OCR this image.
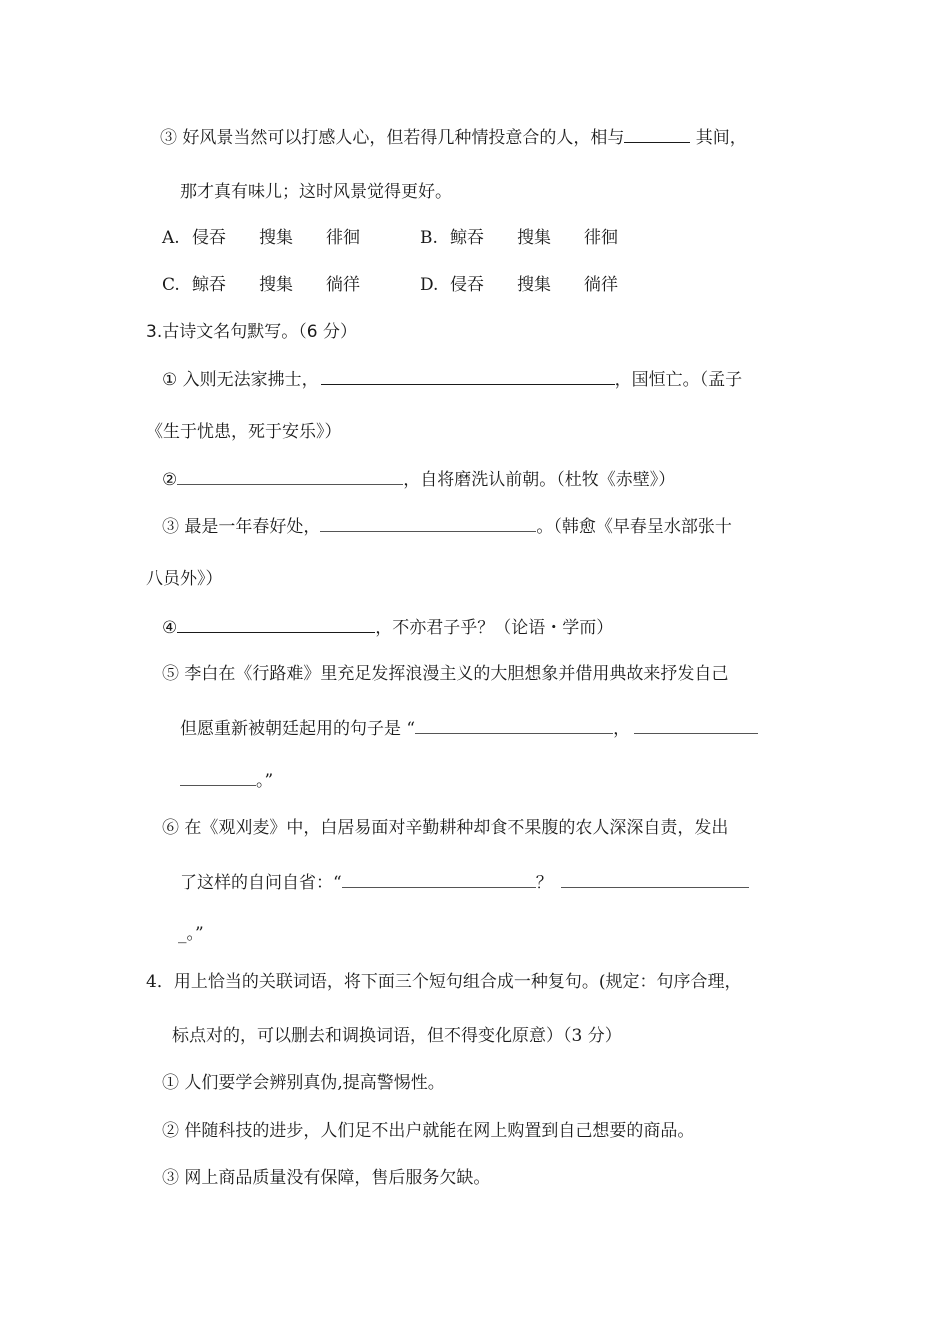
③ 好风景当然可以打感人心，但若得几种情投意合的人，相与	其间，
那才真有味儿；这时风景觉得更好。
A. 侵吞 搜集 徘徊	B. 鲸吞 搜集 徘徊
C. 鲸吞 搜集 徜徉	D. 侵吞 搜集 徜徉
3.古诗文名句默写。（6 分）
① 入则无法家拂士，	，国恒亡。（孟子
《生于忧患，死于安乐》）
②	，自将磨洗认前朝。（杜牧《赤壁》）
③ 最是一年春好处，	。（韩愈《早春呈水部张十
八员外》）
④	，不亦君子乎？（论语・学而）
⑤ 李白在《行路难》里充足发挥浪漫主义的大胆想象并借用典故来抒发自己
但愿重新被朝廷起用的句子是 “	，
。”
⑥ 在《观刈麦》中，白居易面对辛勤耕种却食不果腹的农人深深自责，发出
了这样的自问自省：“	？
_。”
4．用上恰当的关联词语，将下面三个短句组合成一种复句。(规定：句序合理，
标点对的，可以删去和调换词语，但不得变化原意）（3 分）
① 人们要学会辨别真伪,提高警惕性。
② 伴随科技的进步，人们足不出户就能在网上购置到自己想要的商品。
③ 网上商品质量没有保障，售后服务欠缺。
